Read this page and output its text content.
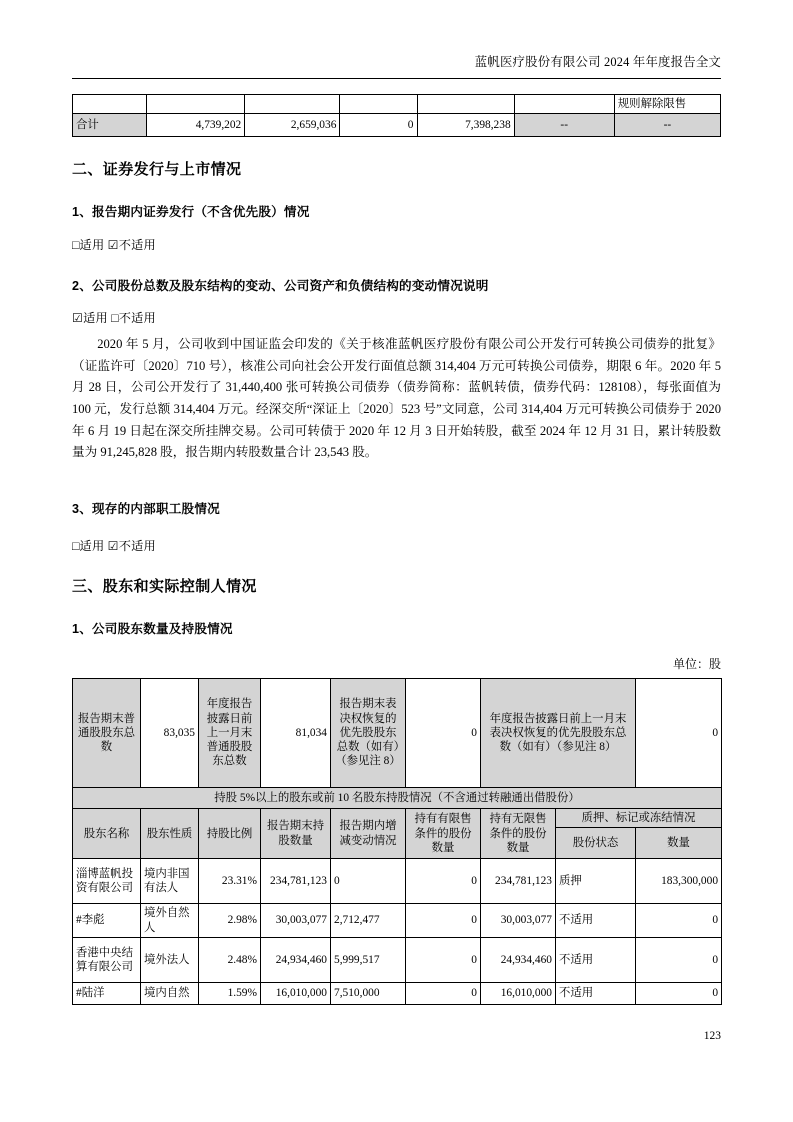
蓝帆医疗股份有限公司 2024 年年度报告全文
						规则解除限售
合计	4,739,202	2,659,036	0	7,398,238	--	--
二、证券发行与上市情况
1、报告期内证券发行（不含优先股）情况

□适用 ☑不适用

2、公司股份总数及股东结构的变动、公司资产和负债结构的变动情况说明

☑适用 □不适用

2020 年 5 月，公司收到中国证监会印发的《关于核准蓝帆医疗股份有限公司公开发行可转换公司债券的批复》（证监许可〔2020〕710 号），核准公司向社会公开发行面值总额 314,404 万元可转换公司债券，期限 6 年。2020 年 5 月 28 日，公司公开发行了 31,440,400 张可转换公司债券（债券简称：蓝帆转债，债券代码：128108），每张面值为 100 元，发行总额 314,404 万元。经深交所“深证上〔2020〕523 号”文同意，公司 314,404 万元可转换公司债券于 2020 年 6 月 19 日起在深交所挂牌交易。公司可转债于 2020 年 12 月 3 日开始转股，截至 2024 年 12 月 31 日，累计转股数量为 91,245,828 股，报告期内转股数量合计 23,543 股。

3、现存的内部职工股情况

□适用 ☑不适用

三、股东和实际控制人情况
1、公司股东数量及持股情况

单位：股

报告期末普通股股东总数	83,035	年度报告披露日前上一月末普通股股东总数	81,034	报告期末表决权恢复的优先股股东总数（如有）（参见注 8）	0	年度报告披露日前上一月末表决权恢复的优先股股东总数（如有）（参见注 8）		0
持股 5%以上的股东或前 10 名股东持股情况（不含通过转融通出借股份）								
股东名称	股东性质	持股比例	报告期末持股数量	报告期内增减变动情况	持有有限售条件的股份数量	持有无限售条件的股份数量	质押、标记或冻结情况	
							股份状态	数量
淄博蓝帆投资有限公司	境内非国有法人	23.31%	234,781,123	0	0	234,781,123	质押	183,300,000
#李彪	境外自然人	2.98%	30,003,077	2,712,477	0	30,003,077	不适用	0
香港中央结算有限公司	境外法人	2.48%	24,934,460	5,999,517	0	24,934,460	不适用	0
#陆洋	境内自然	1.59%	16,010,000	7,510,000	0	16,010,000	不适用	0
123
